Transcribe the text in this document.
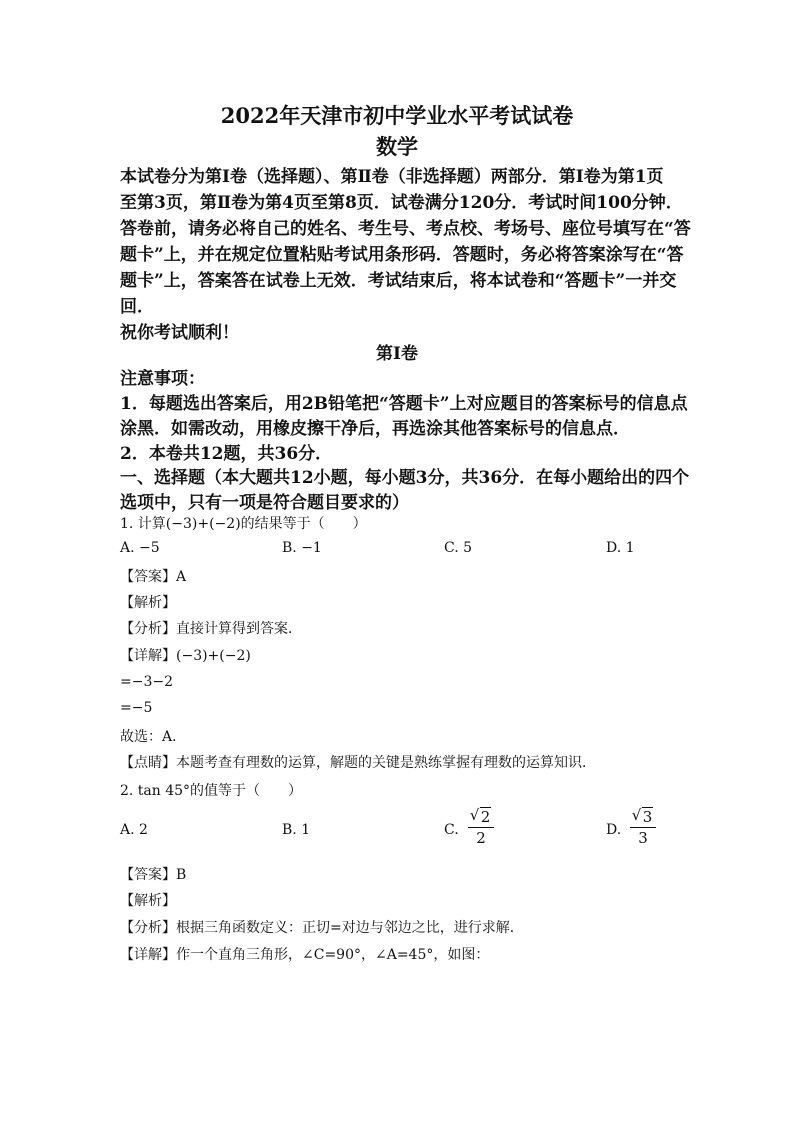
2022年天津市初中学业水平考试试卷
数学
本试卷分为第Ⅰ卷（选择题）、第Ⅱ卷（非选择题）两部分．第Ⅰ卷为第1页
至第3页，第Ⅱ卷为第4页至第8页．试卷满分120分．考试时间100分钟．
答卷前，请务必将自己的姓名、考生号、考点校、考场号、座位号填写在“答
题卡”上，并在规定位置粘贴考试用条形码．答题时，务必将答案涂写在“答
题卡”上，答案答在试卷上无效．考试结束后，将本试卷和“答题卡”一并交
回．
祝你考试顺利！
第Ⅰ卷
注意事项：
1．每题选出答案后，用2B铅笔把“答题卡”上对应题目的答案标号的信息点
涂黑．如需改动，用橡皮擦干净后，再选涂其他答案标号的信息点．
2．本卷共12题，共36分．
一、选择题（本大题共12小题，每小题3分，共36分．在每小题给出的四个
选项中，只有一项是符合题目要求的）
1. 计算(−3)+(−2)的结果等于（　　）
A. −5	B. −1	C. 5	D. 1
【答案】A
【解析】
【分析】直接计算得到答案．
【详解】(−3)+(−2)
=−3−2
=−5
故选：A．
【点睛】本题考查有理数的运算，解题的关键是熟练掌握有理数的运算知识．
2. tan 45°的值等于（　　）
A. 2	B. 1	C.
√ 2
2	D.
√ 3
3
【答案】B
【解析】
【分析】根据三角函数定义：正切=对边与邻边之比，进行求解．
【详解】作一个直角三角形，∠C=90°，∠A=45°，如图：
